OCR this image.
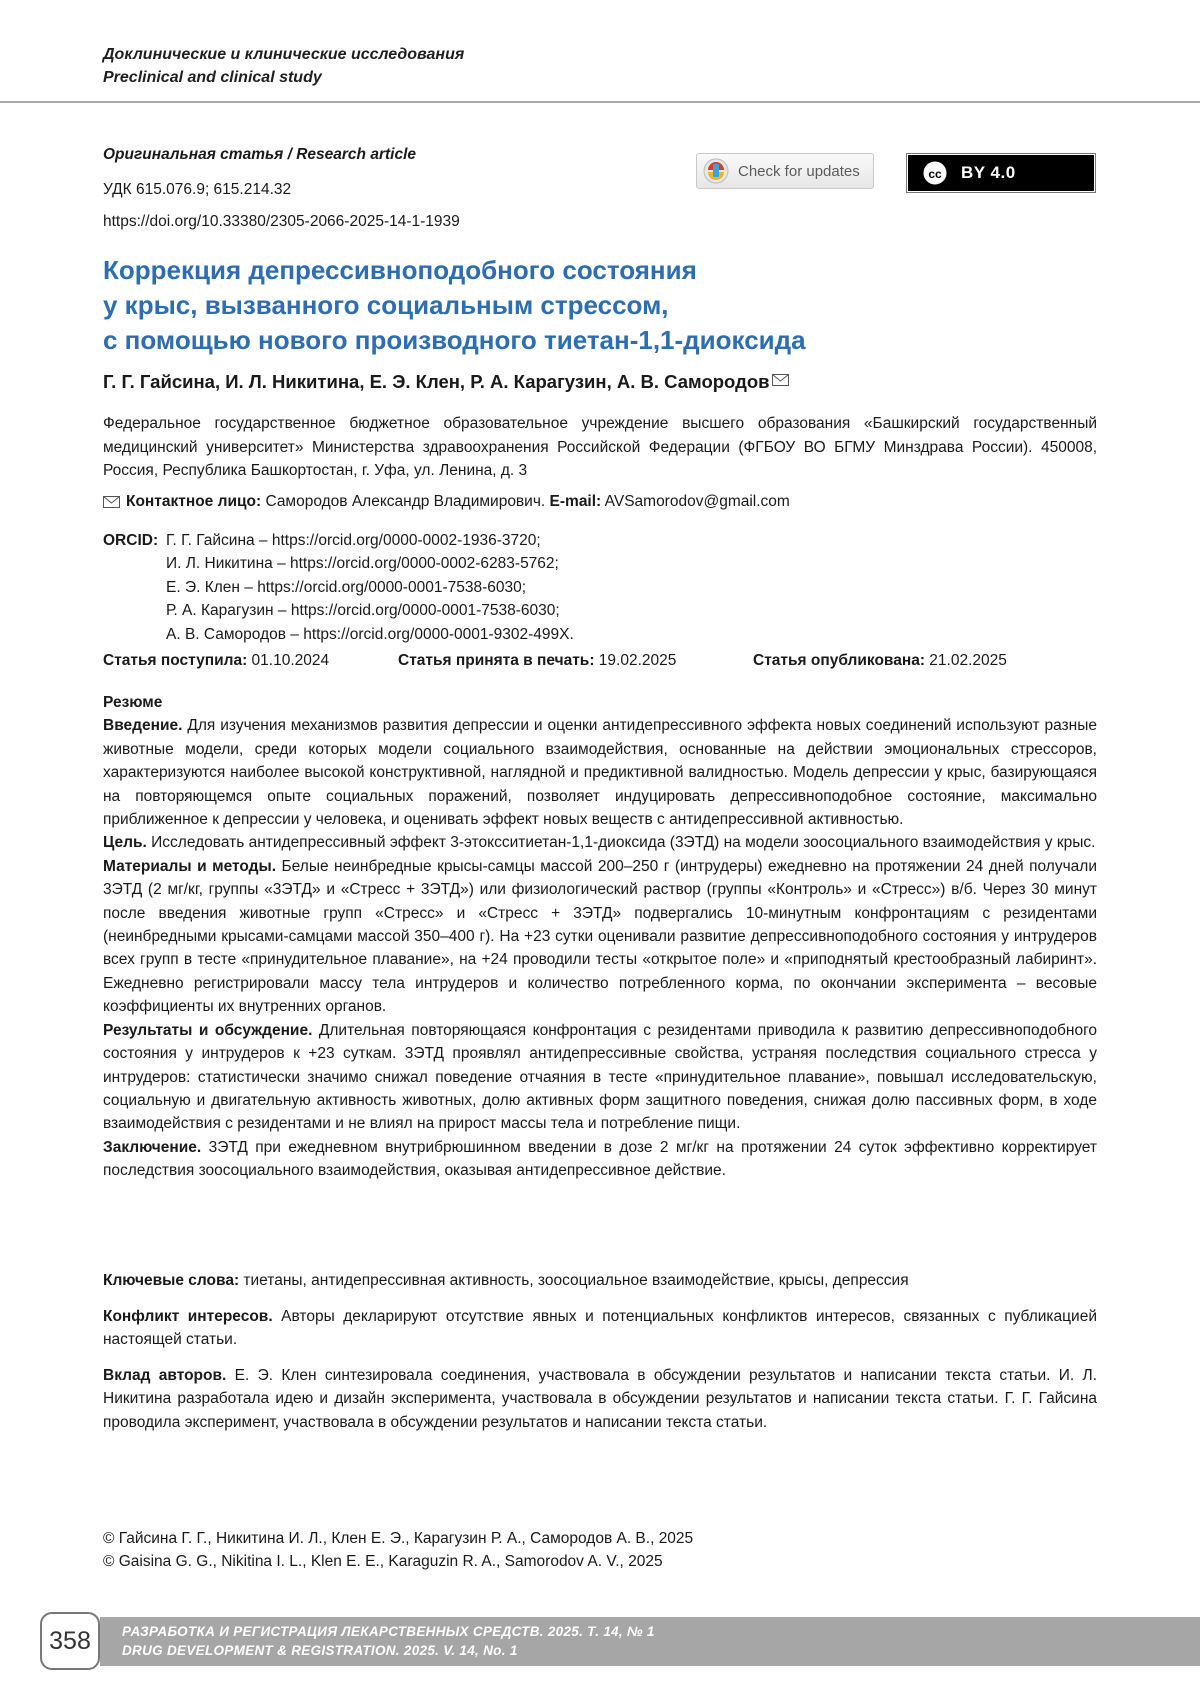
Доклинические и клинические исследования
Preclinical and clinical study
Оригинальная статья / Research article
УДК 615.076.9; 615.214.32
https://doi.org/10.33380/2305-2066-2025-14-1-1939
Check for updates	cc BY 4.0
Коррекция депрессивноподобного состояния
у крыс, вызванного социальным стрессом,
с помощью нового производного тиетан-1,1-диоксида
Г. Г. Гайсина, И. Л. Никитина, Е. Э. Клен, Р. А. Карагузин, А. В. Самородов
Федеральное государственное бюджетное образовательное учреждение высшего образования «Башкирский государственный медицинский университет» Министерства здравоохранения Российской Федерации (ФГБОУ ВО БГМУ Минздрава России). 450008, Россия, Республика Башкортостан, г. Уфа, ул. Ленина, д. 3
Контактное лицо: Самородов Александр Владимирович. E-mail: AVSamorodov@gmail.com
ORCID: Г. Г. Гайсина – https://orcid.org/0000-0002-1936-3720;
И. Л. Никитина – https://orcid.org/0000-0002-6283-5762;
Е. Э. Клен – https://orcid.org/0000-0001-7538-6030;
Р. А. Карагузин – https://orcid.org/0000-0001-7538-6030;
А. В. Самородов – https://orcid.org/0000-0001-9302-499X.
Статья поступила: 01.10.2024	Статья принята в печать: 19.02.2025	Статья опубликована: 21.02.2025

Резюме

Введение. Для изучения механизмов развития депрессии и оценки антидепрессивного эффекта новых соединений используют разные животные модели, среди которых модели социального взаимодействия, основанные на действии эмоциональных стрессоров, характеризуются наиболее высокой конструктивной, наглядной и предиктивной валидностью. Модель депрессии у крыс, базирующаяся на повторяющемся опыте социальных поражений, позволяет индуцировать депрессивноподобное состояние, максимально приближенное к депрессии у человека, и оценивать эффект новых веществ с антидепрессивной активностью.

Цель. Исследовать антидепрессивный эффект 3-этоксситиетан-1,1-диоксида (3ЭТД) на модели зоосоциального взаимодействия у крыс.

Материалы и методы. Белые неинбредные крысы-самцы массой 200–250 г (интрудеры) ежедневно на протяжении 24 дней получали 3ЭТД (2 мг/кг, группы «3ЭТД» и «Стресс + 3ЭТД») или физиологический раствор (группы «Контроль» и «Стресс») в/б. Через 30 минут после введения животные групп «Стресс» и «Стресс + 3ЭТД» подвергались 10-минутным конфронтациям с резидентами (неинбредными крысами-самцами массой 350–400 г). На +23 сутки оценивали развитие депрессивноподобного состояния у интрудеров всех групп в тесте «принудительное плавание», на +24 проводили тесты «открытое поле» и «приподнятый крестообразный лабиринт». Ежедневно регистрировали массу тела интрудеров и количество потребленного корма, по окончании эксперимента – весовые коэффициенты их внутренних органов.

Результаты и обсуждение. Длительная повторяющаяся конфронтация с резидентами приводила к развитию депрессивноподобного состояния у интрудеров к +23 суткам. 3ЭТД проявлял антидепрессивные свойства, устраняя последствия социального стресса у интрудеров: статистически значимо снижал поведение отчаяния в тесте «принудительное плавание», повышал исследовательскую, социальную и двигательную активность животных, долю активных форм защитного поведения, снижая долю пассивных форм, в ходе взаимодействия с резидентами и не влиял на прирост массы тела и потребление пищи.

Заключение. 3ЭТД при ежедневном внутрибрюшинном введении в дозе 2 мг/кг на протяжении 24 суток эффективно корректирует последствия зоосоциального взаимодействия, оказывая антидепрессивное действие.

Ключевые слова: тиетаны, антидепрессивная активность, зоосоциальное взаимодействие, крысы, депрессия
Конфликт интересов. Авторы декларируют отсутствие явных и потенциальных конфликтов интересов, связанных с публикацией настоящей статьи.
Вклад авторов. Е. Э. Клен синтезировала соединения, участвовала в обсуждении результатов и написании текста статьи. И. Л. Никитина разработала идею и дизайн эксперимента, участвовала в обсуждении результатов и написании текста статьи. Г. Г. Гайсина проводила эксперимент, участвовала в обсуждении результатов и написании текста статьи.
© Гайсина Г. Г., Никитина И. Л., Клен Е. Э., Карагузин Р. А., Самородов А. В., 2025
© Gaisina G. G., Nikitina I. L., Klen E. E., Karaguzin R. A., Samorodov A. V., 2025
РАЗРАБОТКА И РЕГИСТРАЦИЯ ЛЕКАРСТВЕННЫХ СРЕДСТВ. 2025. Т. 14, № 1
DRUG DEVELOPMENT & REGISTRATION. 2025. V. 14, No. 1
358
